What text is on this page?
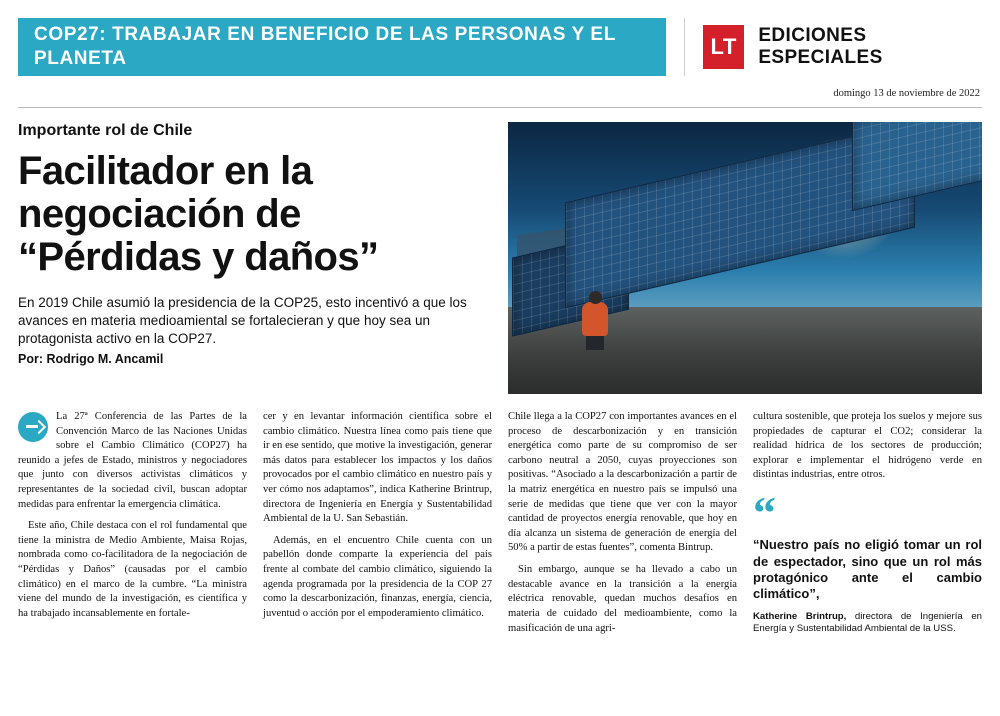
COP27: TRABAJAR EN BENEFICIO DE LAS PERSONAS Y EL PLANETA	LT	EDICIONES ESPECIALES
domingo 13 de noviembre de 2022
Importante rol de Chile
Facilitador en la negociación de “Pérdidas y daños”
En 2019 Chile asumió la presidencia de la COP25, esto incentivó a que los avances en materia medioamiental se fortalecieran y que hoy sea un protagonista activo en la COP27.
Por: Rodrigo M. Ancamil

La 27ª Conferencia de las Partes de la Convención Marco de las Naciones Unidas sobre el Cambio Climático (COP27) ha reunido a jefes de Estado, ministros y negociadores que junto con diversos activistas climáticos y representantes de la sociedad civil, buscan adoptar medidas para enfrentar la emergencia climática.

Este año, Chile destaca con el rol fundamental que tiene la ministra de Medio Ambiente, Maisa Rojas, nombrada como co-facilitadora de la negociación de “Pérdidas y Daños” (causadas por el cambio climático) en el marco de la cumbre. “La ministra viene del mundo de la investigación, es científica y ha trabajado incansablemente en fortale-

cer y en levantar información científica sobre el cambio climático. Nuestra línea como país tiene que ir en ese sentido, que motive la investigación, generar más datos para establecer los impactos y los daños provocados por el cambio climático en nuestro país y ver cómo nos adaptamos”, indica Katherine Brintrup, directora de Ingeniería en Energía y Sustentabilidad Ambiental de la U. San Sebastián.

Además, en el encuentro Chile cuenta con un pabellón donde comparte la experiencia del país frente al combate del cambio climático, siguiendo la agenda programada por la presidencia de la COP 27 como la descarbonización, finanzas, energía, ciencia, juventud o acción por el empoderamiento climático.

Chile llega a la COP27 con importantes avances en el proceso de descarbonización y en transición energética como parte de su compromiso de ser carbono neutral a 2050, cuyas proyecciones son positivas. “Asociado a la descarbonización a partir de la matriz energética en nuestro país se impulsó una serie de medidas que tiene que ver con la mayor cantidad de proyectos energía renovable, que hoy en día alcanza un sistema de generación de energía del 50% a partir de estas fuentes”, comenta Bintrup.

Sin embargo, aunque se ha llevado a cabo un destacable avance en la transición a la energía eléctrica renovable, quedan muchos desafíos en materia de cuidado del medioambiente, como la masificación de una agri-

cultura sostenible, que proteja los suelos y mejore sus propiedades de capturar el CO2; considerar la realidad hídrica de los sectores de producción; explorar e implementar el hidrógeno verde en distintas industrias, entre otros.

“
“Nuestro país no eligió tomar un rol de espectador, sino que un rol más protagónico ante el cambio climático”,
Katherine Brintrup, directora de Ingeniería en Energía y Sustentabilidad Ambiental de la USS.
